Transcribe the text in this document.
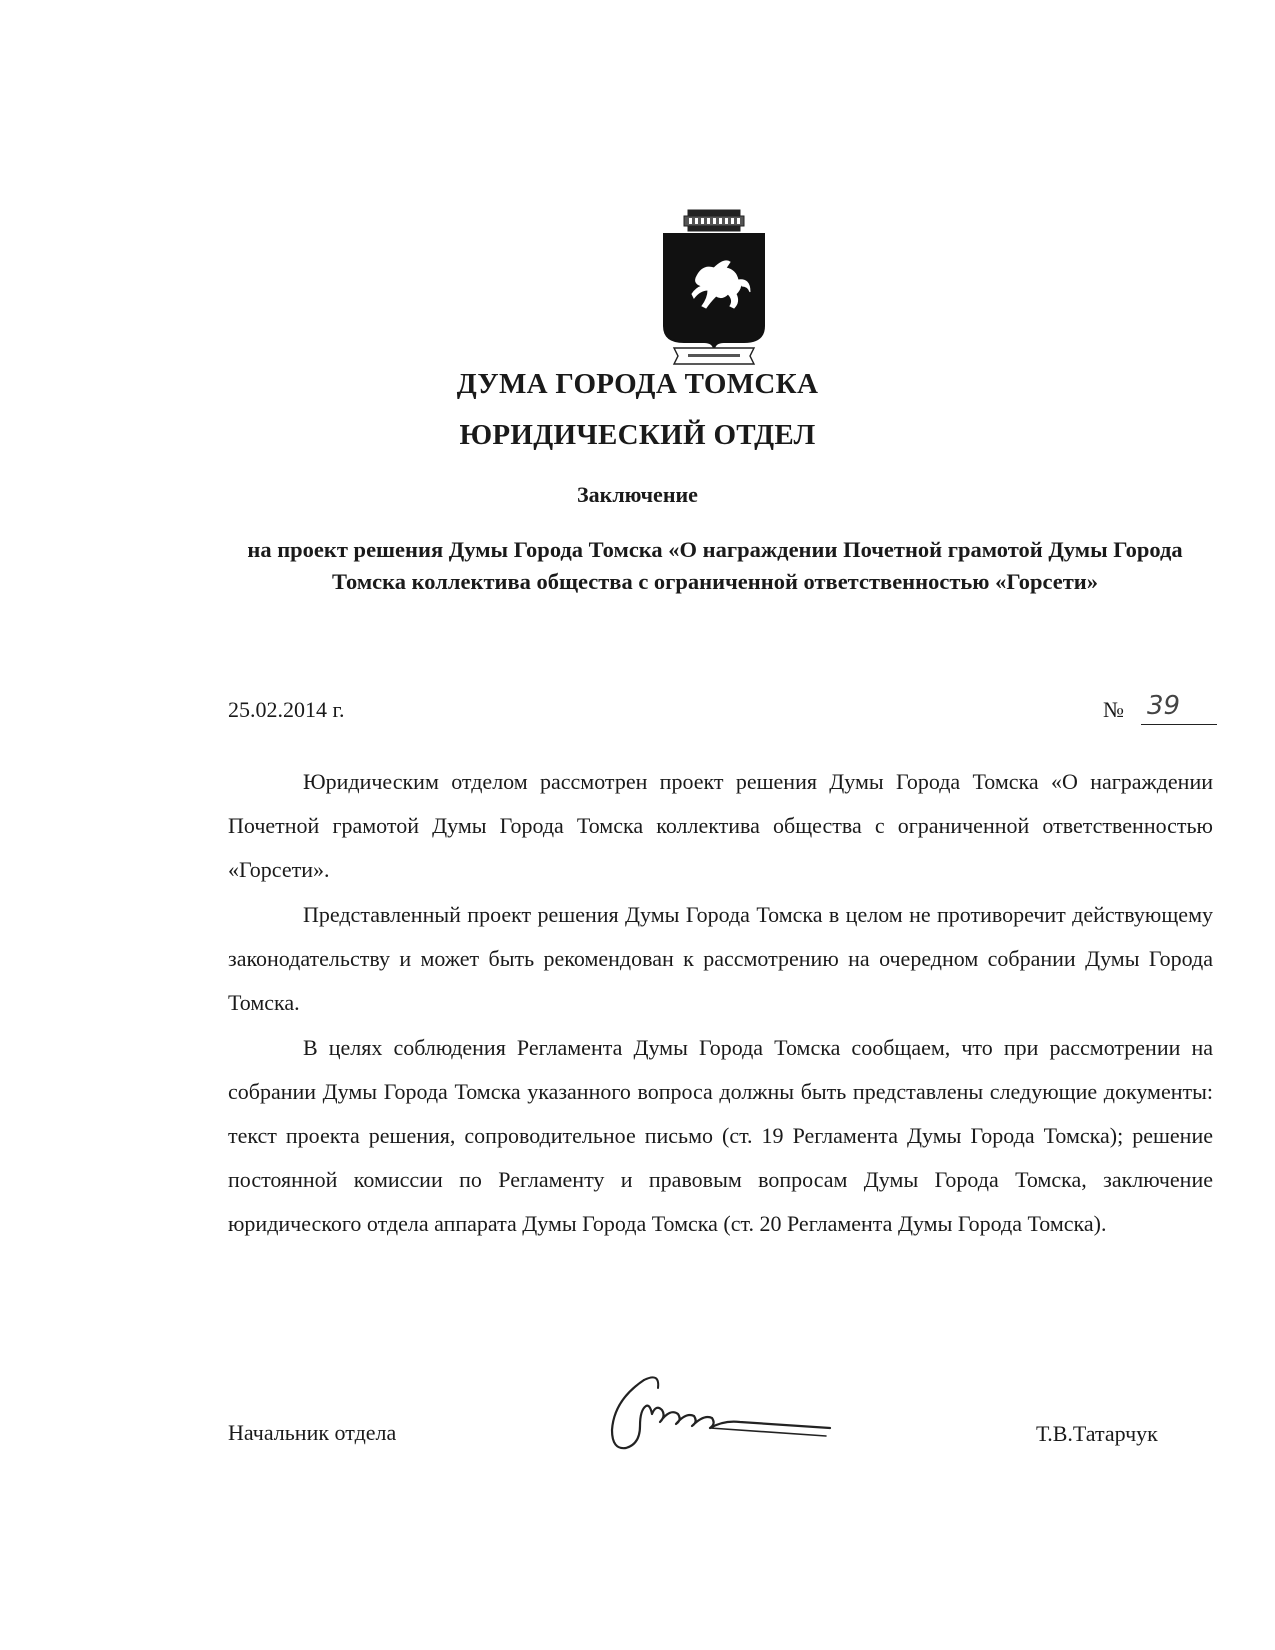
ДУМА ГОРОДА ТОМСКА
ЮРИДИЧЕСКИЙ ОТДЕЛ
Заключение
на проект решения Думы Города Томска «О награждении Почетной грамотой Думы Города Томска коллектива общества с ограниченной ответственностью «Горсети»
25.02.2014 г.	№ 39

Юридическим отделом рассмотрен проект решения Думы Города Томска «О награждении Почетной грамотой Думы Города Томска коллектива общества с ограниченной ответственностью «Горсети».

Представленный проект решения Думы Города Томска в целом не противоречит действующему законодательству и может быть рекомендован к рассмотрению на очередном собрании Думы Города Томска.

В целях соблюдения Регламента Думы Города Томска сообщаем, что при рассмотрении на собрании Думы Города Томска указанного вопроса должны быть представлены следующие документы: текст проекта решения, сопроводительное письмо (ст. 19 Регламента Думы Города Томска); решение постоянной комиссии по Регламенту и правовым вопросам Думы Города Томска, заключение юридического отдела аппарата Думы Города Томска (ст. 20 Регламента Думы Города Томска).

Начальник отдела	Т.В.Татарчук
